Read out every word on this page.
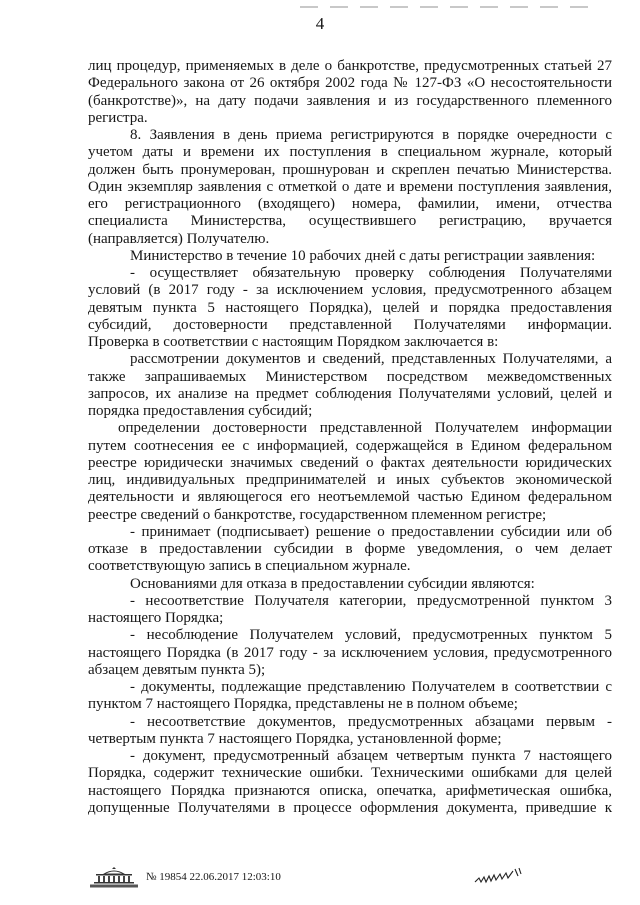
4

лиц процедур, применяемых в деле о банкротстве, предусмотренных статьей 27

Федерального закона от 26 октября 2002 года № 127-ФЗ «О несостоятельности

(банкротстве)», на дату подачи заявления и из государственного племенного

регистра.

8. Заявления в день приема регистрируются в порядке очередности с

учетом даты и времени их поступления в специальном журнале, который

должен быть пронумерован, прошнурован и скреплен печатью Министерства.

Один экземпляр заявления с отметкой о дате и времени поступления заявления,

его регистрационного (входящего) номера, фамилии, имени, отчества

специалиста Министерства, осуществившего регистрацию, вручается

(направляется) Получателю.

Министерство в течение 10 рабочих дней с даты регистрации заявления:

- осуществляет обязательную проверку соблюдения Получателями

условий (в 2017 году - за исключением условия, предусмотренного абзацем

девятым пункта 5 настоящего Порядка), целей и порядка предоставления

субсидий, достоверности представленной Получателями информации.

Проверка в соответствии с настоящим Порядком заключается в:

рассмотрении документов и сведений, представленных Получателями, а

также запрашиваемых Министерством посредством межведомственных

запросов, их анализе на предмет соблюдения Получателями условий, целей и

порядка предоставления субсидий;

определении достоверности представленной Получателем информации

путем соотнесения ее с информацией, содержащейся в Едином федеральном

реестре юридически значимых сведений о фактах деятельности юридических

лиц, индивидуальных предпринимателей и иных субъектов экономической

деятельности и являющегося его неотъемлемой частью Едином федеральном

реестре сведений о банкротстве, государственном племенном регистре;

- принимает (подписывает) решение о предоставлении субсидии или об

отказе в предоставлении субсидии в форме уведомления, о чем делает

соответствующую запись в специальном журнале.

Основаниями для отказа в предоставлении субсидии являются:

- несоответствие Получателя категории, предусмотренной пунктом 3

настоящего Порядка;

- несоблюдение Получателем условий, предусмотренных пунктом 5

настоящего Порядка (в 2017 году - за исключением условия, предусмотренного

абзацем девятым пункта 5);

- документы, подлежащие представлению Получателем в соответствии с

пунктом 7 настоящего Порядка, представлены не в полном объеме;

- несоответствие документов, предусмотренных абзацами первым -

четвертым пункта 7 настоящего Порядка, установленной форме;

- документ, предусмотренный абзацем четвертым пункта 7 настоящего

Порядка, содержит технические ошибки. Техническими ошибками для целей

настоящего Порядка признаются описка, опечатка, арифметическая ошибка,

допущенные Получателями в процессе оформления документа, приведшие к

№ 19854 22.06.2017 12:03:10
